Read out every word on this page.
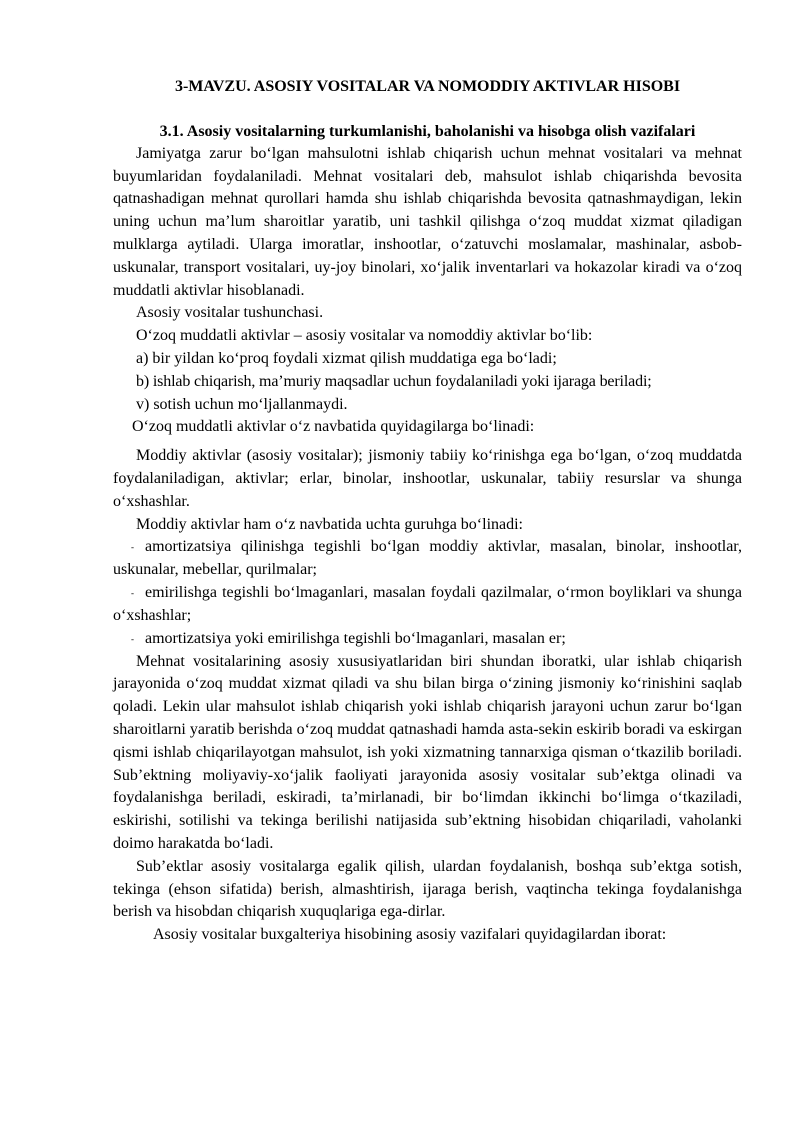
3-MAVZU. ASOSIY VOSITALAR VA NOMODDIY AKTIVLAR HISOBI
3.1. Asosiy vositalarning turkumlanishi, baholanishi va hisobga olish vazifalari

Jamiyatga zarur bo‘lgan mahsulotni ishlab chiqarish uchun mehnat vositalari va mehnat buyumlaridan foydalaniladi. Mehnat vositalari deb, mahsulot ishlab chiqarishda bevosita qatnashadigan mehnat qurollari hamda shu ishlab chiqarishda bevosita qatnashmaydigan, lekin uning uchun ma’lum sharoitlar yaratib, uni tashkil qilishga o‘zoq muddat xizmat qiladigan mulklarga aytiladi. Ularga imoratlar, inshootlar, o‘zatuvchi moslamalar, mashinalar, asbob-uskunalar, transport vositalari, uy-joy binolari, xo‘jalik inventarlari va hokazolar kiradi va o‘zoq muddatli aktivlar hisoblanadi.

Asosiy vositalar tushunchasi.

O‘zoq muddatli aktivlar – asosiy vositalar va nomoddiy aktivlar bo‘lib:

a) bir yildan ko‘proq foydali xizmat qilish muddatiga ega bo‘ladi;

b) ishlab chiqarish, ma’muriy maqsadlar uchun foydalaniladi yoki ijaraga beriladi;

v) sotish uchun mo‘ljallanmaydi.

O‘zoq muddatli aktivlar o‘z navbatida quyidagilarga bo‘linadi:

Moddiy aktivlar (asosiy vositalar); jismoniy tabiiy ko‘rinishga ega bo‘lgan, o‘zoq muddatda foydalaniladigan, aktivlar; erlar, binolar, inshootlar, uskunalar, tabiiy resurslar va shunga o‘xshashlar.

Moddiy aktivlar ham o‘z navbatida uchta guruhga bo‘linadi:

- amortizatsiya qilinishga tegishli bo‘lgan moddiy aktivlar, masalan, binolar, inshootlar, uskunalar, mebellar, qurilmalar;

- emirilishga tegishli bo‘lmaganlari, masalan foydali qazilmalar, o‘rmon boyliklari va shunga o‘xshashlar;

- amortizatsiya yoki emirilishga tegishli bo‘lmaganlari, masalan er;

Mehnat vositalarining asosiy xususiyatlaridan biri shundan iboratki, ular ishlab chiqarish jarayonida o‘zoq muddat xizmat qiladi va shu bilan birga o‘zining jismoniy ko‘rinishini saqlab qoladi. Lekin ular mahsulot ishlab chiqarish yoki ishlab chiqarish jarayoni uchun zarur bo‘lgan sharoitlarni yaratib berishda o‘zoq muddat qatnashadi hamda asta-sekin eskirib boradi va eskirgan qismi ishlab chiqarilayotgan mahsulot, ish yoki xizmatning tannarxiga qisman o‘tkazilib boriladi. Sub’ektning moliyaviy-xo‘jalik faoliyati jarayonida asosiy vositalar sub’ektga olinadi va foydalanishga beriladi, eskiradi, ta’mirlanadi, bir bo‘limdan ikkinchi bo‘limga o‘tkaziladi, eskirishi, sotilishi va tekinga berilishi natijasida sub’ektning hisobidan chiqariladi, vaholanki doimo harakatda bo‘ladi.

Sub’ektlar asosiy vositalarga egalik qilish, ulardan foydalanish, boshqa sub’ektga sotish, tekinga (ehson sifatida) berish, almashtirish, ijaraga berish, vaqtincha tekinga foydalanishga berish va hisobdan chiqarish xuquqlariga ega-dirlar.

Asosiy vositalar buxgalteriya hisobining asosiy vazifalari quyidagilardan iborat:
